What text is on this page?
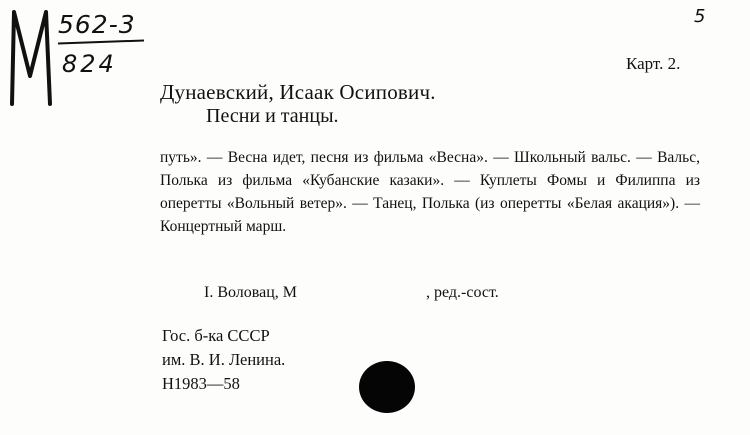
562-3
824
5
Карт. 2.
Дунаевский, Исаак Осипович.
Песни и танцы.

путь». — Весна идет, песня из фильма «Весна». — Школьный вальс. — Вальс, Полька из фильма «Кубанские казаки». — Куплеты Фомы и Филиппа из оперетты «Вольный ветер». — Танец, Полька (из оперетты «Белая акация»). — Концертный марш.

I. Воловац, М	, ред.-сост.
Гос. б-ка СССР
им. В. И. Ленина.
Н1983—58
